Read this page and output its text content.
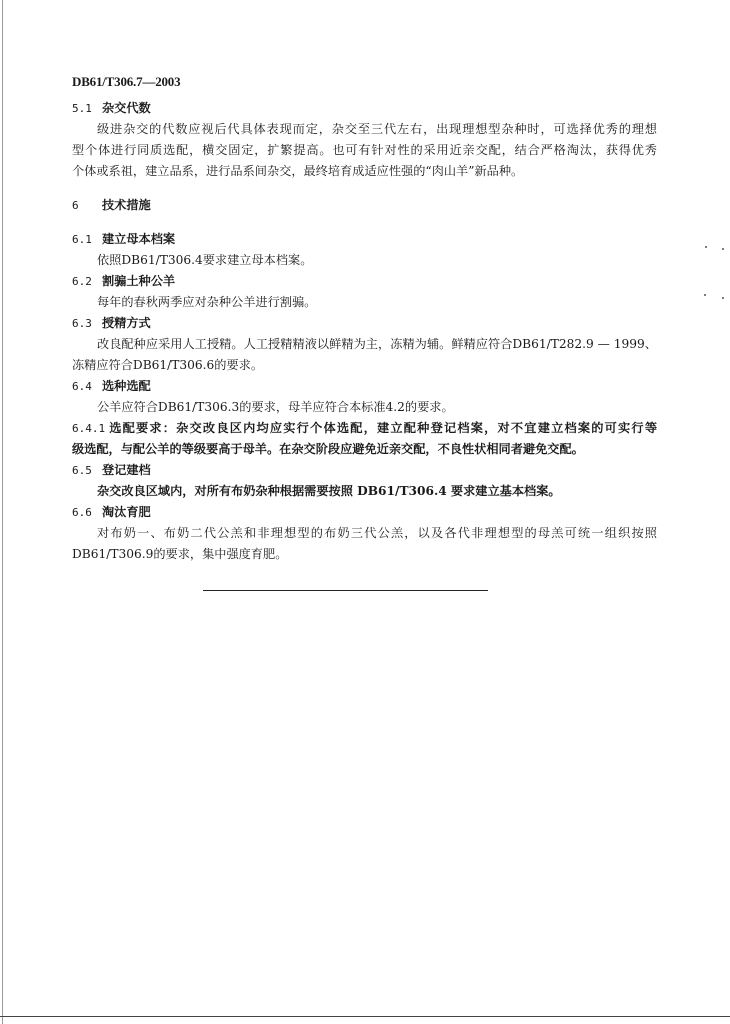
DB61/T306.7—2003
5.1 杂交代数
级进杂交的代数应视后代具体表现而定，杂交至三代左右，出现理想型杂种时，可选择优秀的理想
型个体进行同质选配，横交固定，扩繁提高。也可有针对性的采用近亲交配，结合严格淘汰，获得优秀
个体或系祖，建立品系，进行品系间杂交，最终培育成适应性强的“肉山羊”新品种。
6 技术措施
6.1 建立母本档案
依照DB61/T306.4要求建立母本档案。
6.2 割骟土种公羊
每年的春秋两季应对杂种公羊进行割骟。
6.3 授精方式
改良配种应采用人工授精。人工授精精液以鲜精为主，冻精为辅。鲜精应符合DB61/T282.9 — 1999、
冻精应符合DB61/T306.6的要求。
6.4 选种选配
公羊应符合DB61/T306.3的要求，母羊应符合本标准4.2的要求。
6.4.1 选配要求：杂交改良区内均应实行个体选配，建立配种登记档案，对不宜建立档案的可实行等
级选配，与配公羊的等级要高于母羊。在杂交阶段应避免近亲交配，不良性状相同者避免交配。
6.5 登记建档
杂交改良区域内，对所有布奶杂种根据需要按照 DB61/T306.4 要求建立基本档案。
6.6 淘汰育肥
对布奶一、布奶二代公羔和非理想型的布奶三代公羔，以及各代非理想型的母羔可统一组织按照
DB61/T306.9的要求，集中强度育肥。
